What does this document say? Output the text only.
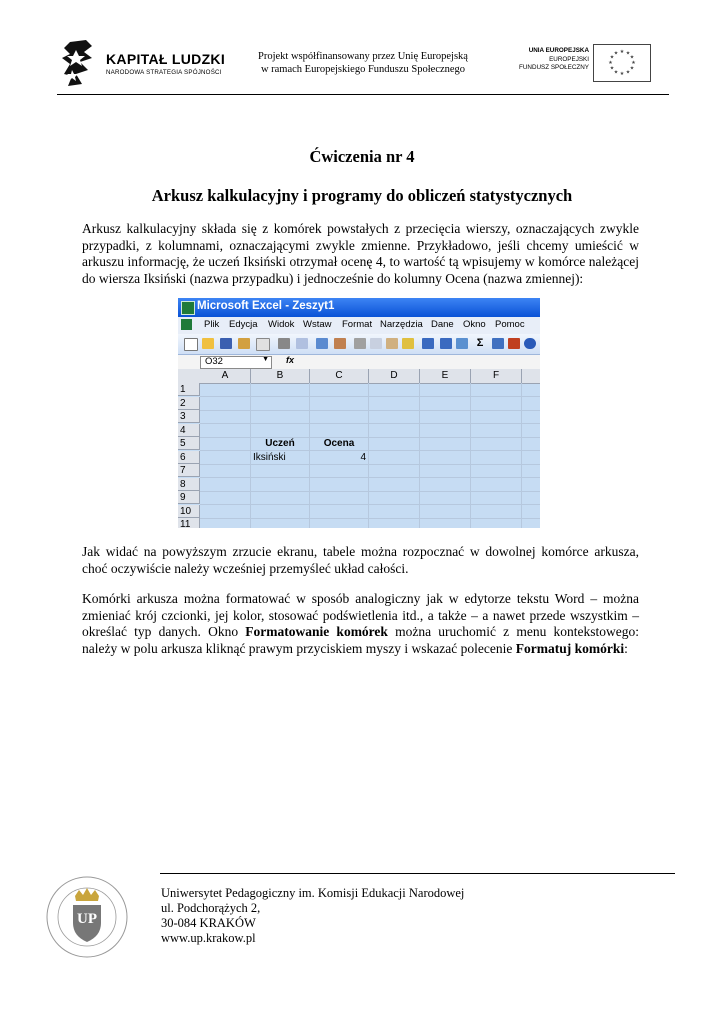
KAPITAŁ LUDZKI
NARODOWA STRATEGIA SPÓJNOŚCI
Projekt współfinansowany przez Unię Europejską
w ramach Europejskiego Funduszu Społecznego
UNIA EUROPEJSKA
EUROPEJSKI
FUNDUSZ SPOŁECZNY
★ ★
★
★
★
★
★
★
★
★
★
★
Ćwiczenia nr 4
Arkusz kalkulacyjny i programy do obliczeń statystycznych
Arkusz kalkulacyjny składa się z komórek powstałych z przecięcia wierszy, oznaczających zwykle przypadki, z kolumnami, oznaczającymi zwykle zmienne. Przykładowo, jeśli chcemy umieścić w arkuszu informację, że uczeń Iksiński otrzymał ocenę 4, to wartość tą wpisujemy w komórce należącej do wiersza Iksiński (nazwa przypadku) i jednocześnie do kolumny Ocena (nazwa zmiennej):
Microsoft Excel - Zeszyt1
Plik Edycja Widok Wstaw Format Narzędzia Dane Okno Pomoc
Σ
O32	▼ fx
A	B	C	D	E	F
1
2
3
4
5
6
7
8
9
10
11
Uczeń	Ocena
Iksiński	4
Jak widać na powyższym zrzucie ekranu, tabele można rozpocznać w dowolnej komórce arkusza, choć oczywiście należy wcześniej przemyśleć układ całości.
Komórki arkusza można formatować w sposób analogiczny jak w edytorze tekstu Word – można zmieniać krój czcionki, jej kolor, stosować podświetlenia itd., a także – a nawet przede wszystkim – określać typ danych. Okno Formatowanie komórek można uruchomić z menu kontekstowego: należy w polu arkusza kliknąć prawym przyciskiem myszy i wskazać polecenie Formatuj komórki:
UP
Uniwersytet Pedagogiczny im. Komisji Edukacji Narodowej
ul. Podchorążych 2,
30-084 KRAKÓW
www.up.krakow.pl
